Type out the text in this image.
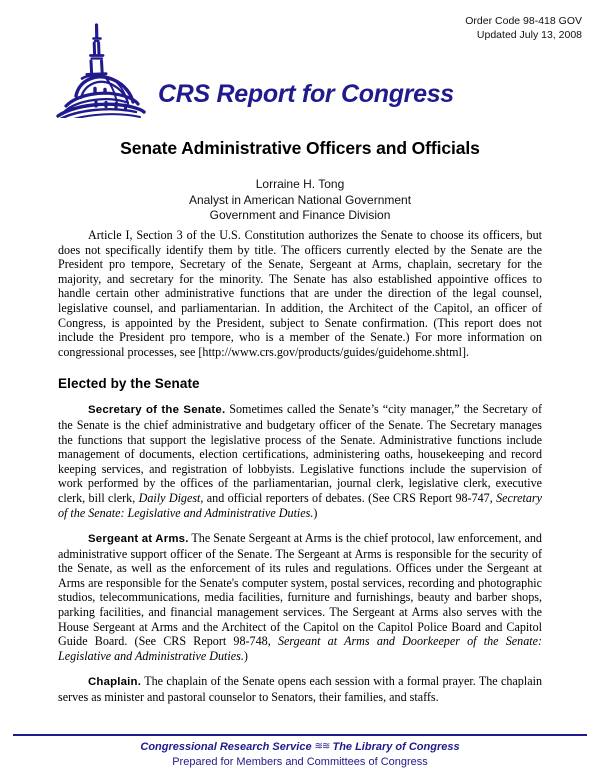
Order Code 98-418 GOV
Updated July 13, 2008
CRS Report for Congress
Senate Administrative Officers and Officials
Lorraine H. Tong
Analyst in American National Government
Government and Finance Division

Article I, Section 3 of the U.S. Constitution authorizes the Senate to choose its officers, but does not specifically identify them by title. The officers currently elected by the Senate are the President pro tempore, Secretary of the Senate, Sergeant at Arms, chaplain, secretary for the majority, and secretary for the minority. The Senate has also established appointive offices to handle certain other administrative functions that are under the direction of the legal counsel, legislative counsel, and parliamentarian. In addition, the Architect of the Capitol, an officer of Congress, is appointed by the President, subject to Senate confirmation. (This report does not include the President pro tempore, who is a member of the Senate.) For more information on congressional processes, see [http://www.crs.gov/products/guides/guidehome.shtml].

Elected by the Senate

Secretary of the Senate. Sometimes called the Senate’s “city manager,” the Secretary of the Senate is the chief administrative and budgetary officer of the Senate. The Secretary manages the functions that support the legislative process of the Senate. Administrative functions include management of documents, election certifications, administering oaths, housekeeping and record keeping services, and registration of lobbyists. Legislative functions include the supervision of work performed by the offices of the parliamentarian, journal clerk, legislative clerk, executive clerk, bill clerk, Daily Digest, and official reporters of debates. (See CRS Report 98-747, Secretary of the Senate: Legislative and Administrative Duties.)

Sergeant at Arms. The Senate Sergeant at Arms is the chief protocol, law enforcement, and administrative support officer of the Senate. The Sergeant at Arms is responsible for the security of the Senate, as well as the enforcement of its rules and regulations. Offices under the Sergeant at Arms are responsible for the Senate's computer system, postal services, recording and photographic studios, telecommunications, media facilities, furniture and furnishings, beauty and barber shops, parking facilities, and financial management services. The Sergeant at Arms also serves with the House Sergeant at Arms and the Architect of the Capitol on the Capitol Police Board and Capitol Guide Board. (See CRS Report 98-748, Sergeant at Arms and Doorkeeper of the Senate: Legislative and Administrative Duties.)

Chaplain. The chaplain of the Senate opens each session with a formal prayer. The chaplain serves as minister and pastoral counselor to Senators, their families, and staffs.

Congressional Research Service ≋≋ The Library of Congress
Prepared for Members and Committees of Congress
